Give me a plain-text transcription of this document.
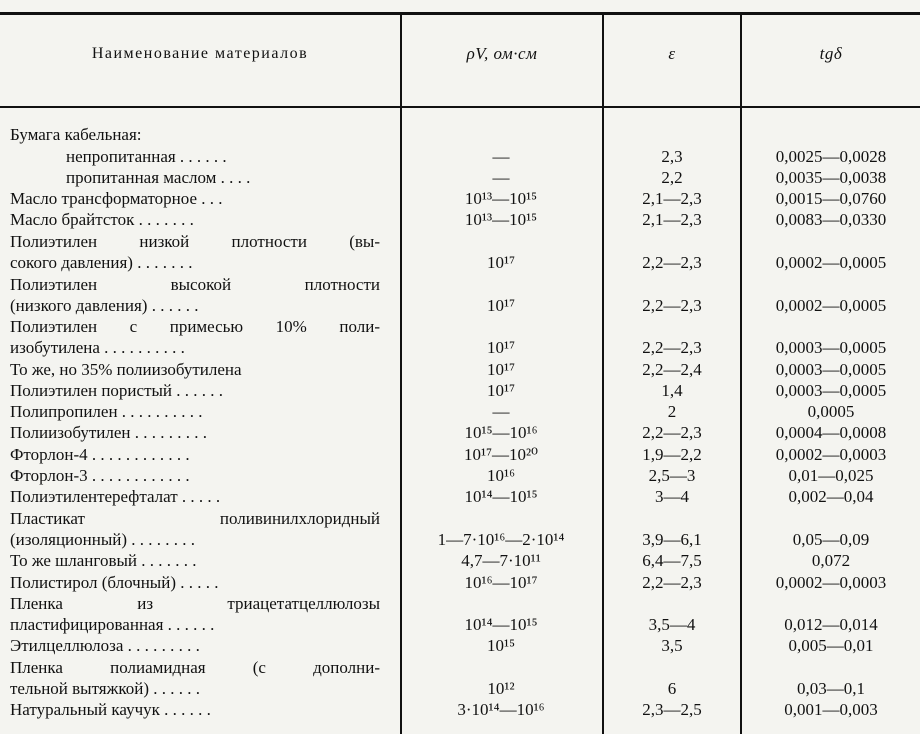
Наименование материалов	ρV, ом·см	ε	tgδ
Бумага кабельная:
непропитанная . . . . . .	—	2,3	0,0025—0,0028
пропитанная маслом . . . .	—	2,2	0,0035—0,0038
Масло трансформаторное . . .	10¹³—10¹⁵	2,1—2,3	0,0015—0,0760
Масло брайтсток . . . . . . .	10¹³—10¹⁵	2,1—2,3	0,0083—0,0330
Полиэтилен низкой плотности (вы-
сокого давления) . . . . . . .	10¹⁷	2,2—2,3	0,0002—0,0005
Полиэтилен высокой плотности
(низкого давления) . . . . . .	10¹⁷	2,2—2,3	0,0002—0,0005
Полиэтилен с примесью 10% поли-
изобутилена . . . . . . . . . .	10¹⁷	2,2—2,3	0,0003—0,0005
То же, но 35% полиизобутилена	10¹⁷	2,2—2,4	0,0003—0,0005
Полиэтилен пористый . . . . . .	10¹⁷	1,4	0,0003—0,0005
Полипропилен . . . . . . . . . .	—	2	0,0005
Полиизобутилен . . . . . . . . .	10¹⁵—10¹⁶	2,2—2,3	0,0004—0,0008
Фторлон-4 . . . . . . . . . . . .	10¹⁷—10²⁰	1,9—2,2	0,0002—0,0003
Фторлон-3 . . . . . . . . . . . .	10¹⁶	2,5—3	0,01—0,025
Полиэтилентерефталат . . . . .	10¹⁴—10¹⁵	3—4	0,002—0,04
Пластикат поливинилхлоридный
(изоляционный) . . . . . . . .	1—7·10¹⁶—2·10¹⁴	3,9—6,1	0,05—0,09
То же шланговый . . . . . . .	4,7—7·10¹¹	6,4—7,5	0,072
Полистирол (блочный) . . . . .	10¹⁶—10¹⁷	2,2—2,3	0,0002—0,0003
Пленка из триацетатцеллюлозы
пластифицированная . . . . . .	10¹⁴—10¹⁵	3,5—4	0,012—0,014
Этилцеллюлоза . . . . . . . . .	10¹⁵	3,5	0,005—0,01
Пленка полиамидная (с дополни-
тельной вытяжкой) . . . . . .	10¹²	6	0,03—0,1
Натуральный каучук . . . . . .	3·10¹⁴—10¹⁶	2,3—2,5	0,001—0,003
